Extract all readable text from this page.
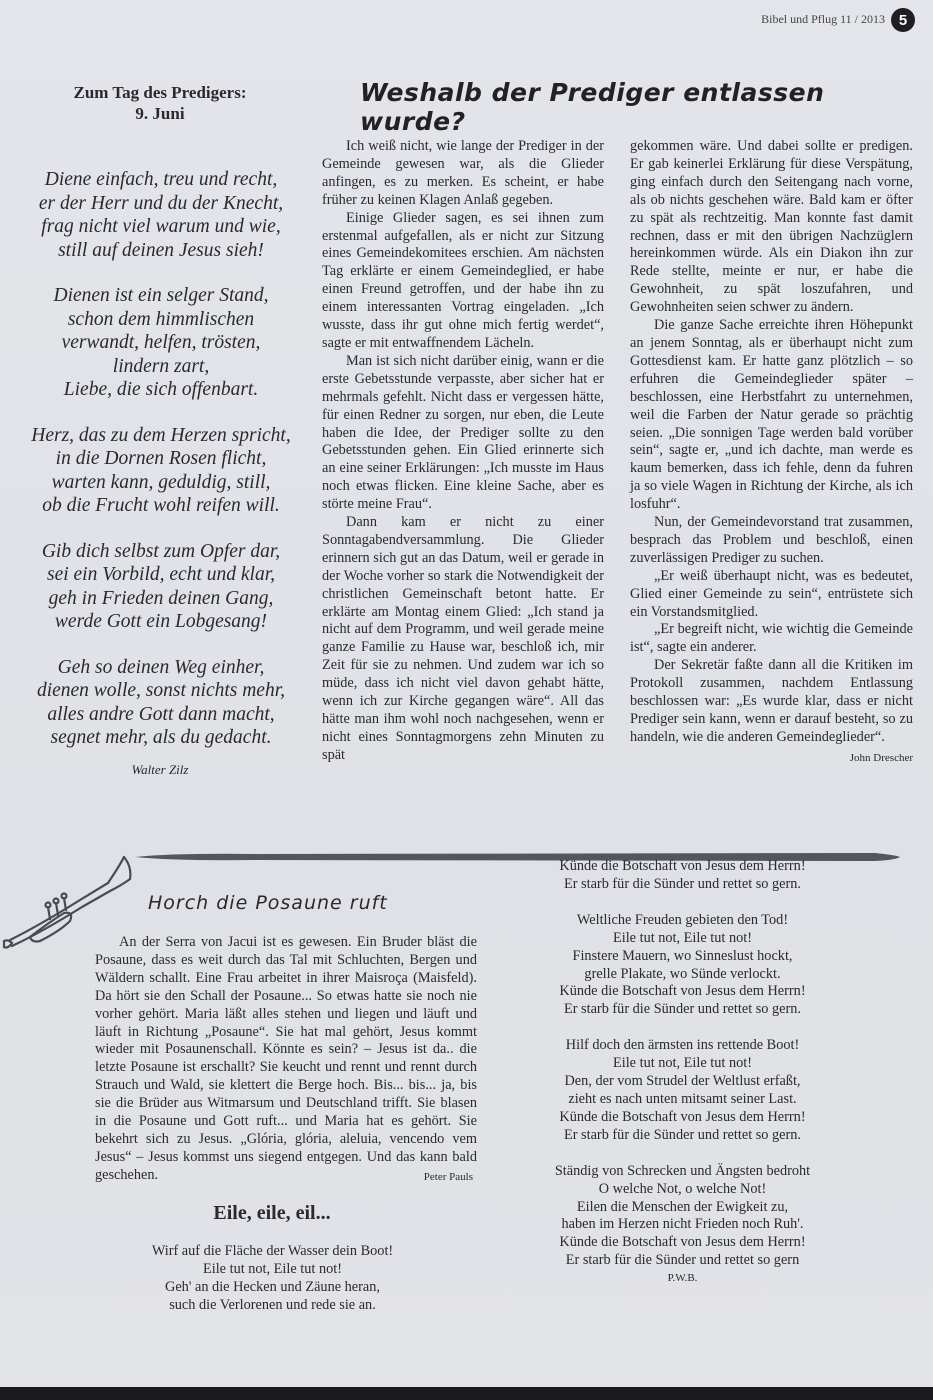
Bibel und Pflug 11 / 2013 5
Zum Tag des Predigers:
9. Juni
Diene einfach, treu und recht,
er der Herr und du der Knecht,
frag nicht viel warum und wie,
still auf deinen Jesus sieh!
Dienen ist ein selger Stand,
schon dem himmlischen
verwandt, helfen, trösten,
lindern zart,
Liebe, die sich offenbart.
Herz, das zu dem Herzen spricht,
in die Dornen Rosen flicht,
warten kann, geduldig, still,
ob die Frucht wohl reifen will.
Gib dich selbst zum Opfer dar,
sei ein Vorbild, echt und klar,
geh in Frieden deinen Gang,
werde Gott ein Lobgesang!
Geh so deinen Weg einher,
dienen wolle, sonst nichts mehr,
alles andre Gott dann macht,
segnet mehr, als du gedacht.
Walter Zilz
Weshalb der Prediger entlassen wurde?

Ich weiß nicht, wie lange der Prediger in der Gemeinde gewesen war, als die Glieder anfingen, es zu merken. Es scheint, er habe früher zu keinen Klagen Anlaß gegeben.

Einige Glieder sagen, es sei ihnen zum erstenmal aufgefallen, als er nicht zur Sitzung eines Gemeindekomitees erschien. Am nächsten Tag erklärte er einem Gemeindeglied, er habe einen Freund getroffen, und der habe ihn zu einem interessanten Vortrag eingeladen. „Ich wusste, dass ihr gut ohne mich fertig werdet“, sagte er mit entwaffnendem Lächeln.

Man ist sich nicht darüber einig, wann er die erste Gebetsstunde verpasste, aber sicher hat er mehrmals gefehlt. Nicht dass er vergessen hätte, für einen Redner zu sorgen, nur eben, die Leute haben die Idee, der Prediger sollte zu den Gebetsstunden gehen. Ein Glied erinnerte sich an eine seiner Erklärungen: „Ich musste im Haus noch etwas flicken. Eine kleine Sache, aber es störte meine Frau“.

Dann kam er nicht zu einer Sonntagabendversammlung. Die Glieder erinnern sich gut an das Datum, weil er gerade in der Woche vorher so stark die Notwendigkeit der christlichen Gemeinschaft betont hatte. Er erklärte am Montag einem Glied: „Ich stand ja nicht auf dem Programm, und weil gerade meine ganze Familie zu Hause war, beschloß ich, mir Zeit für sie zu nehmen. Und zudem war ich so müde, dass ich nicht viel davon gehabt hätte, wenn ich zur Kirche gegangen wäre“. All das hätte man ihm wohl noch nachgesehen, wenn er nicht eines Sonntagmorgens zehn Minuten zu spät

gekommen wäre. Und dabei sollte er predigen. Er gab keinerlei Erklärung für diese Verspätung, ging einfach durch den Seitengang nach vorne, als ob nichts geschehen wäre. Bald kam er öfter zu spät als rechtzeitig. Man konnte fast damit rechnen, dass er mit den übrigen Nachzüglern hereinkommen würde. Als ein Diakon ihn zur Rede stellte, meinte er nur, er habe die Gewohnheit, zu spät loszufahren, und Gewohnheiten seien schwer zu ändern.

Die ganze Sache erreichte ihren Höhepunkt an jenem Sonntag, als er überhaupt nicht zum Gottesdienst kam. Er hatte ganz plötzlich – so erfuhren die Gemeindeglieder später – beschlossen, eine Herbstfahrt zu unternehmen, weil die Farben der Natur gerade so prächtig seien. „Die sonnigen Tage werden bald vorüber sein“, sagte er, „und ich dachte, man werde es kaum bemerken, dass ich fehle, denn da fuhren ja so viele Wagen in Richtung der Kirche, als ich losfuhr“.

Nun, der Gemeindevorstand trat zusammen, besprach das Problem und beschloß, einen zuverlässigen Prediger zu suchen.

„Er weiß überhaupt nicht, was es bedeutet, Glied einer Gemeinde zu sein“, entrüstete sich ein Vorstandsmitglied.

„Er begreift nicht, wie wichtig die Gemeinde ist“, sagte ein anderer.

Der Sekretär faßte dann all die Kritiken im Protokoll zusammen, nachdem Entlassung beschlossen war: „Es wurde klar, dass er nicht Prediger sein kann, wenn er darauf besteht, so zu handeln, wie die anderen Gemeindeglieder“.
John Drescher

Horch die Posaune ruft

An der Serra von Jacui ist es gewesen. Ein Bruder bläst die Posaune, dass es weit durch das Tal mit Schluchten, Bergen und Wäldern schallt. Eine Frau arbeitet in ihrer Maisroça (Maisfeld). Da hört sie den Schall der Posaune... So etwas hatte sie noch nie vorher gehört. Maria läßt alles stehen und liegen und läuft und läuft in Richtung „Posaune“. Sie hat mal gehört, Jesus kommt wieder mit Posaunenschall. Könnte es sein? – Jesus ist da.. die letzte Posaune ist erschallt? Sie keucht und rennt und rennt durch Strauch und Wald, sie klettert die Berge hoch. Bis... bis... ja, bis sie die Brüder aus Witmarsum und Deutschland trifft. Sie blasen in die Posaune und Gott ruft... und Maria hat es gehört. Sie bekehrt sich zu Jesus. „Glória, glória, aleluia, vencendo vem Jesus“ – Jesus kommst uns siegend entgegen. Und das kann bald geschehen.	Peter Pauls

Eile, eile, eil...
Wirf auf die Fläche der Wasser dein Boot!
Eile tut not, Eile tut not!
Geh' an die Hecken und Zäune heran,
such die Verlorenen und rede sie an.
Künde die Botschaft von Jesus dem Herrn!
Er starb für die Sünder und rettet so gern.
Weltliche Freuden gebieten den Tod!
Eile tut not, Eile tut not!
Finstere Mauern, wo Sinneslust hockt,
grelle Plakate, wo Sünde verlockt.
Künde die Botschaft von Jesus dem Herrn!
Er starb für die Sünder und rettet so gern.
Hilf doch den ärmsten ins rettende Boot!
Eile tut not, Eile tut not!
Den, der vom Strudel der Weltlust erfaßt,
zieht es nach unten mitsamt seiner Last.
Künde die Botschaft von Jesus dem Herrn!
Er starb für die Sünder und rettet so gern.
Ständig von Schrecken und Ängsten bedroht
O welche Not, o welche Not!
Eilen die Menschen der Ewigkeit zu,
haben im Herzen nicht Frieden noch Ruh'.
Künde die Botschaft von Jesus dem Herrn!
Er starb für die Sünder und rettet so gern
P.W.B.
